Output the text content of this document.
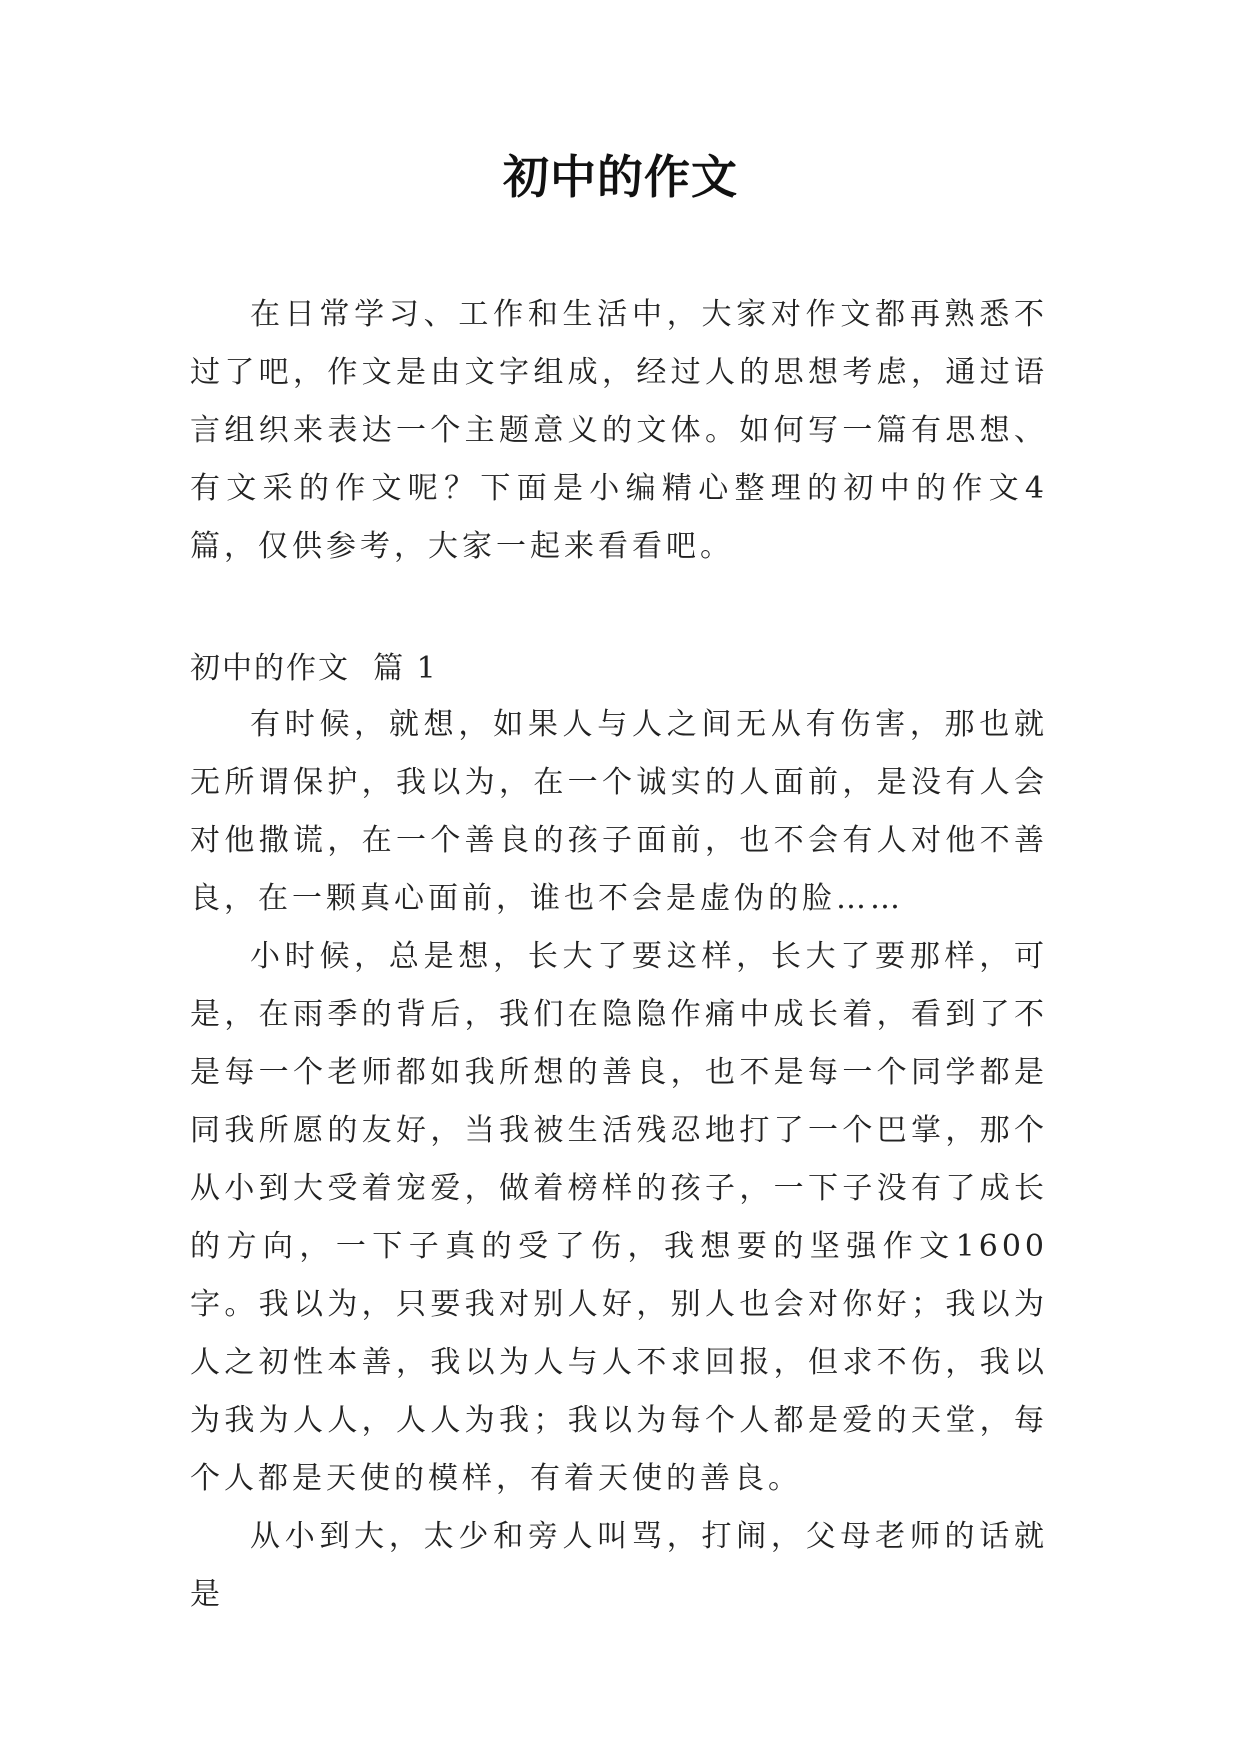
初中的作文

在日常学习、工作和生活中，大家对作文都再熟悉不过了吧，作文是由文字组成，经过人的思想考虑，通过语言组织来表达一个主题意义的文体。如何写一篇有思想、有文采的作文呢？下面是小编精心整理的初中的作文4篇，仅供参考，大家一起来看看吧。

初中的作文  篇 1

有时候，就想，如果人与人之间无从有伤害，那也就无所谓保护，我以为，在一个诚实的人面前，是没有人会对他撒谎，在一个善良的孩子面前，也不会有人对他不善良，在一颗真心面前，谁也不会是虚伪的脸……

小时候，总是想，长大了要这样，长大了要那样，可是，在雨季的背后，我们在隐隐作痛中成长着，看到了不是每一个老师都如我所想的善良，也不是每一个同学都是同我所愿的友好，当我被生活残忍地打了一个巴掌，那个从小到大受着宠爱，做着榜样的孩子，一下子没有了成长的方向，一下子真的受了伤，我想要的坚强作文1600字。我以为，只要我对别人好，别人也会对你好；我以为人之初性本善，我以为人与人不求回报，但求不伤，我以为我为人人，人人为我；我以为每个人都是爱的天堂，每个人都是天使的模样，有着天使的善良。

从小到大，太少和旁人叫骂，打闹，父母老师的话就是
